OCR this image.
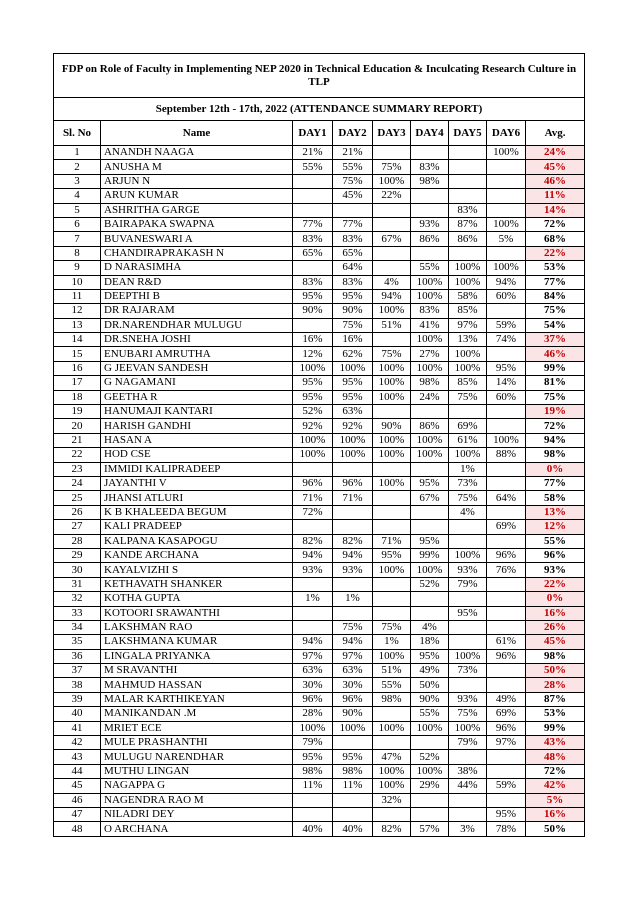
FDP on Role of Faculty in Implementing NEP 2020 in Technical Education & Inculcating Research Culture in TLP								
September 12th - 17th, 2022 (ATTENDANCE SUMMARY REPORT)								
Sl. No	Name	DAY1	DAY2	DAY3	DAY4	DAY5	DAY6	Avg.
1	ANANDH NAAGA	21%	21%				100%	24%
2	ANUSHA M	55%	55%	75%	83%			45%
3	ARJUN N		75%	100%	98%			46%
4	ARUN KUMAR		45%	22%				11%
5	ASHRITHA GARGE					83%		14%
6	BAIRAPAKA SWAPNA	77%	77%		93%	87%	100%	72%
7	BUVANESWARI A	83%	83%	67%	86%	86%	5%	68%
8	CHANDIRAPRAKASH N	65%	65%					22%
9	D NARASIMHA		64%		55%	100%	100%	53%
10	DEAN R&D	83%	83%	4%	100%	100%	94%	77%
11	DEEPTHI B	95%	95%	94%	100%	58%	60%	84%
12	DR RAJARAM	90%	90%	100%	83%	85%		75%
13	DR.NARENDHAR MULUGU		75%	51%	41%	97%	59%	54%
14	DR.SNEHA JOSHI	16%	16%		100%	13%	74%	37%
15	ENUBARI AMRUTHA	12%	62%	75%	27%	100%		46%
16	G JEEVAN SANDESH	100%	100%	100%	100%	100%	95%	99%
17	G NAGAMANI	95%	95%	100%	98%	85%	14%	81%
18	GEETHA R	95%	95%	100%	24%	75%	60%	75%
19	HANUMAJI KANTARI	52%	63%					19%
20	HARISH GANDHI	92%	92%	90%	86%	69%		72%
21	HASAN A	100%	100%	100%	100%	61%	100%	94%
22	HOD CSE	100%	100%	100%	100%	100%	88%	98%
23	IMMIDI KALIPRADEEP					1%		0%
24	JAYANTHI V	96%	96%	100%	95%	73%		77%
25	JHANSI ATLURI	71%	71%		67%	75%	64%	58%
26	K B KHALEEDA BEGUM	72%				4%		13%
27	KALI PRADEEP						69%	12%
28	KALPANA KASAPOGU	82%	82%	71%	95%			55%
29	KANDE ARCHANA	94%	94%	95%	99%	100%	96%	96%
30	KAYALVIZHI S	93%	93%	100%	100%	93%	76%	93%
31	KETHAVATH SHANKER				52%	79%		22%
32	KOTHA GUPTA	1%	1%					0%
33	KOTOORI SRAWANTHI					95%		16%
34	LAKSHMAN RAO		75%	75%	4%			26%
35	LAKSHMANA KUMAR	94%	94%	1%	18%		61%	45%
36	LINGALA PRIYANKA	97%	97%	100%	95%	100%	96%	98%
37	M SRAVANTHI	63%	63%	51%	49%	73%		50%
38	MAHMUD HASSAN	30%	30%	55%	50%			28%
39	MALAR KARTHIKEYAN	96%	96%	98%	90%	93%	49%	87%
40	MANIKANDAN .M	28%	90%		55%	75%	69%	53%
41	MRIET ECE	100%	100%	100%	100%	100%	96%	99%
42	MULE PRASHANTHI	79%				79%	97%	43%
43	MULUGU NARENDHAR	95%	95%	47%	52%			48%
44	MUTHU LINGAN	98%	98%	100%	100%	38%		72%
45	NAGAPPA G	11%	11%	100%	29%	44%	59%	42%
46	NAGENDRA RAO M			32%				5%
47	NILADRI DEY						95%	16%
48	O ARCHANA	40%	40%	82%	57%	3%	78%	50%
